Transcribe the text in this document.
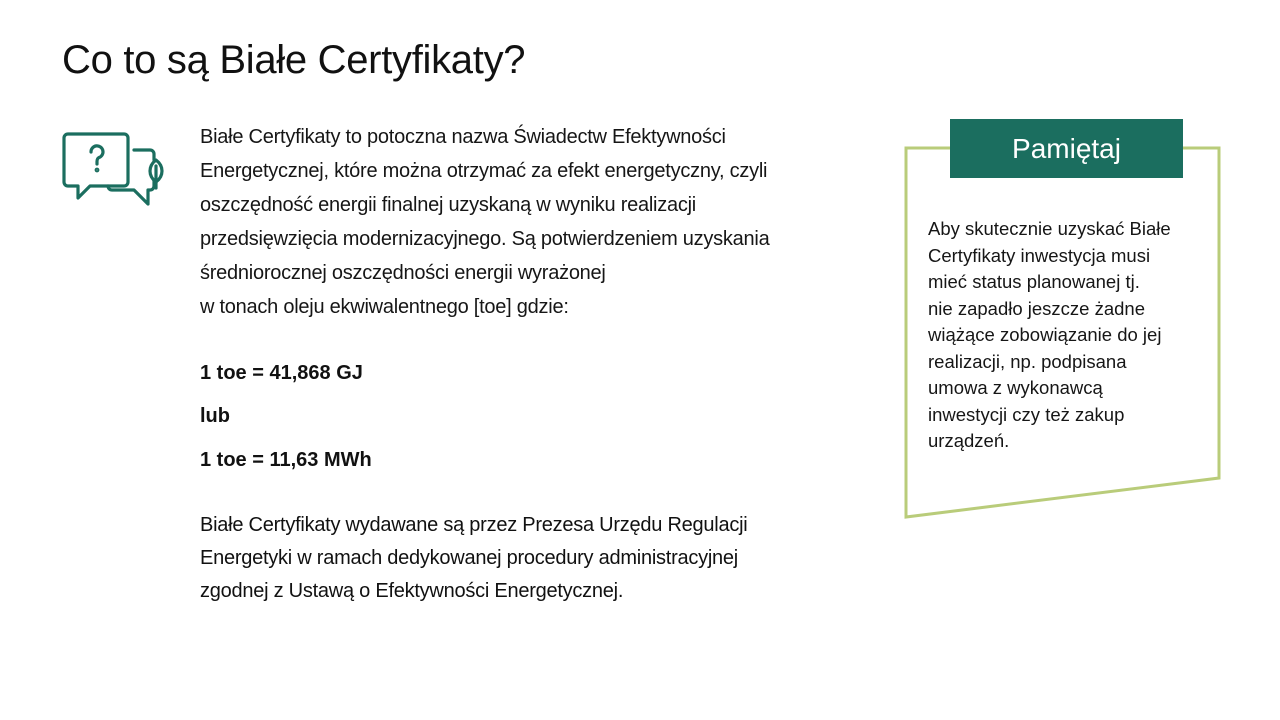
Co to są Białe Certyfikaty?

Białe Certyfikaty to potoczna nazwa Świadectw Efektywności

Energetycznej, które można otrzymać za efekt energetyczny, czyli

oszczędność energii finalnej uzyskaną w wyniku realizacji

przedsięwzięcia modernizacyjnego. Są potwierdzeniem uzyskania

średniorocznej oszczędności energii wyrażonej

w tonach oleju ekwiwalentnego [toe] gdzie:

1 toe = 41,868 GJ
lub
1 toe = 11,63 MWh
Białe Certyfikaty wydawane są przez Prezesa Urzędu Regulacji
Energetyki w ramach dedykowanej procedury administracyjnej
zgodnej z Ustawą o Efektywności Energetycznej.
Pamiętaj
Aby skutecznie uzyskać Białe
Certyfikaty inwestycja musi
mieć status planowanej tj.
nie zapadło jeszcze żadne
wiążące zobowiązanie do jej
realizacji, np. podpisana
umowa z wykonawcą
inwestycji czy też zakup
urządzeń.
